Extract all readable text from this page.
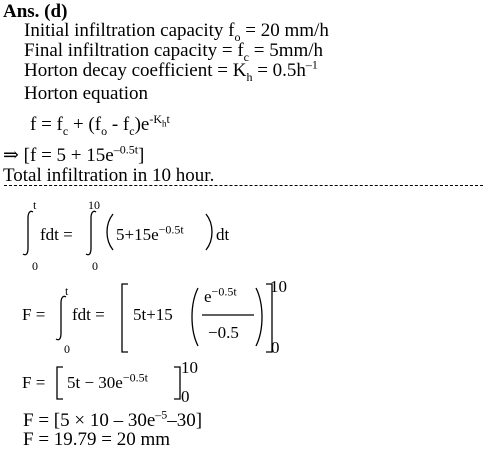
Ans. (d)
Initial infiltration capacity $f_o = 20$ mm/h
Final infiltration capacity = $f_c = 5mm/h$
Horton decay coefficient = $K_h = 0.5h^{-1}$
Horton equation
$f = f_c + (f_o - f_c)e^{-K_ht}$
⇒ $[f = 5 + 15e^{-0.5t}]$
Total infiltration in 10 hour.
t
0
fdt =
10
0
$5+15e^{-0.5t}$ dt
F =
t
0
fdt = 5t+15
$e^{-0.5t}$
−0.5
10
0
$F = 5t - 30e^{-0.5t}$
10
0
$F = [5 \times 10 - 30e^{-5}-30]$
F = 19.79 = 20 mm
